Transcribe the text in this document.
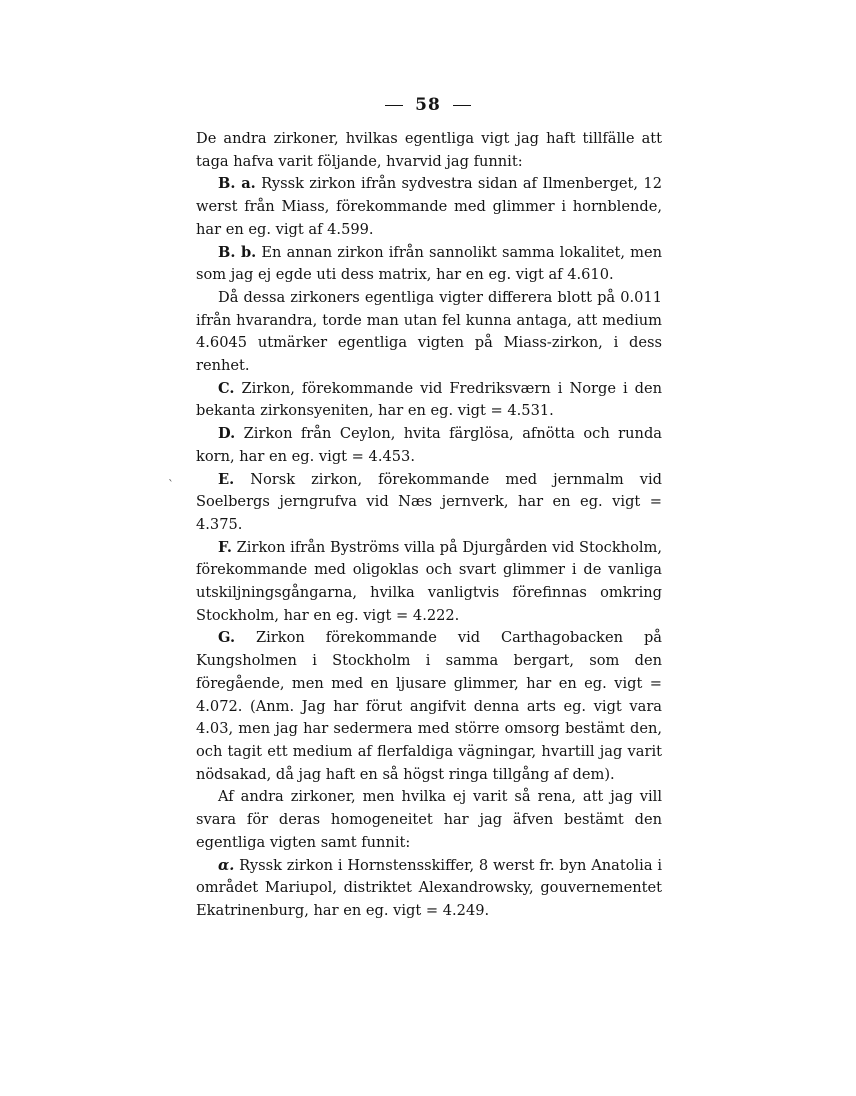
58
`

De andra zirkoner, hvilkas egentliga vigt jag haft tillfälle att taga hafva varit följande, hvarvid jag funnit:

B. a. Ryssk zirkon ifrån sydvestra sidan af Ilmenberget, 12 werst från Miass, förekommande med glimmer i hornblende, har en eg. vigt af 4.599.

B. b. En annan zirkon ifrån sannolikt samma lokalitet, men som jag ej egde uti dess matrix, har en eg. vigt af 4.610.

Då dessa zirkoners egentliga vigter differera blott på 0.011 ifrån hvarandra, torde man utan fel kunna antaga, att medium 4.6045 utmärker egentliga vigten på Miass-zirkon, i dess renhet.

C. Zirkon, förekommande vid Fredriksværn i Norge i den bekanta zirkonsyeniten, har en eg. vigt = 4.531.

D. Zirkon från Ceylon, hvita färglösa, afnötta och runda korn, har en eg. vigt = 4.453.

E. Norsk zirkon, förekommande med jernmalm vid Soelbergs jerngrufva vid Næs jernverk, har en eg. vigt = 4.375.

F. Zirkon ifrån Byströms villa på Djurgården vid Stockholm, förekommande med oligoklas och svart glimmer i de vanliga utskiljningsgångarna, hvilka vanligtvis förefinnas omkring Stockholm, har en eg. vigt = 4.222.

G. Zirkon förekommande vid Carthagobacken på Kungsholmen i Stockholm i samma bergart, som den föregående, men med en ljusare glimmer, har en eg. vigt = 4.072. (Anm. Jag har förut angifvit denna arts eg. vigt vara 4.03, men jag har sedermera med större omsorg bestämt den, och tagit ett medium af flerfaldiga vägningar, hvartill jag varit nödsakad, då jag haft en så högst ringa tillgång af dem).

Af andra zirkoner, men hvilka ej varit så rena, att jag vill svara för deras homogeneitet har jag äfven bestämt den egentliga vigten samt funnit:

α. Ryssk zirkon i Hornstensskiffer, 8 werst fr. byn Anatolia i området Mariupol, distriktet Alexandrowsky, gouvernementet Ekatrinenburg, har en eg. vigt = 4.249.
